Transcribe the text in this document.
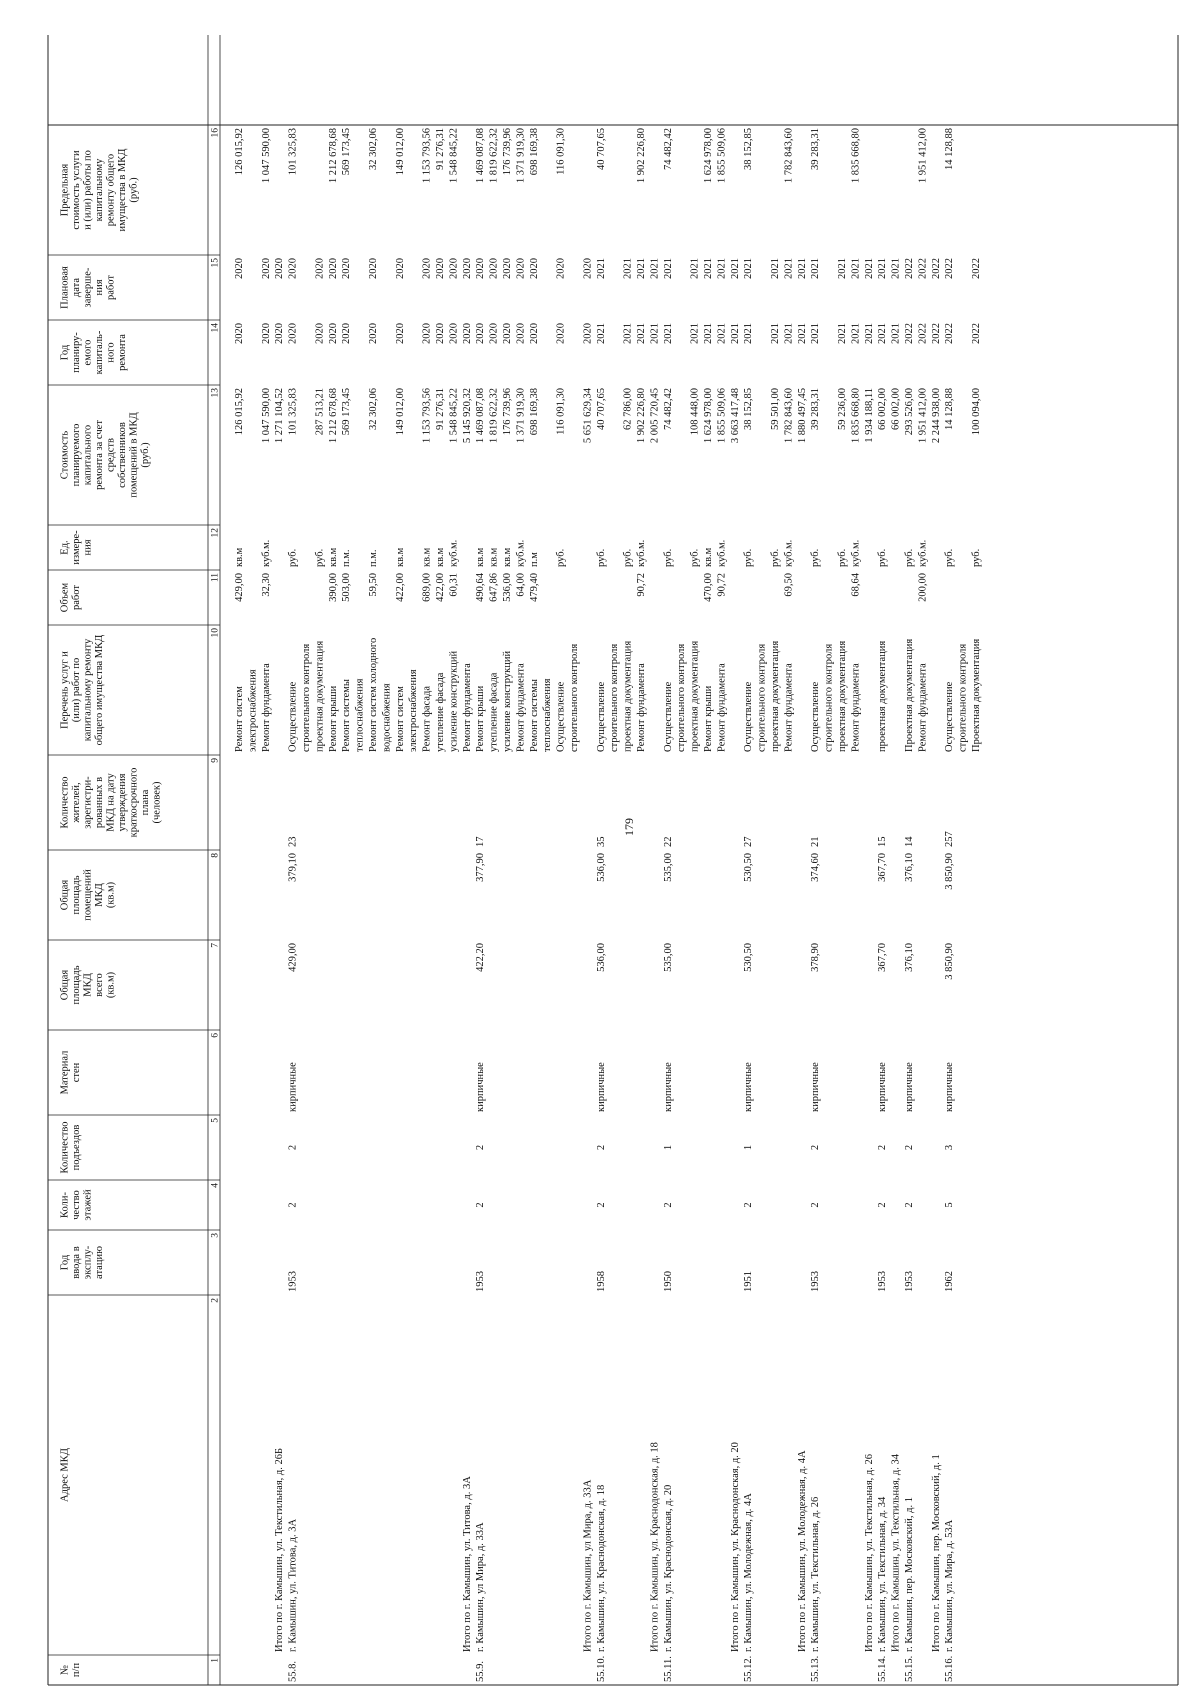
179
№ п/п
Адрес МКД
Год ввода в эксплу- атацию
Коли- чество этажей
Количество подъездов
Материал стен
Общая площадь МКД всего (кв.м)
Общая площадь помещений МКД (кв.м)
Количество жителей, зарегистри- рованных в МКД на дату утверждения краткосрочного плана (человек)
Перечень услуг и (или) работ по капитальному ремонту общего имущества МКД
Объем работ
Ед. измере- ния
Стоимость планируемого капитального ремонта за счет средств собственников помещений в МКД (руб.)
Год планиру- емого капиталь- ного ремонта
Плановая дата заверше- ния работ
Предельная стоимость услуги и (или) работы по капитальному ремонту общего имущества в МКД (руб.)
1
2
3
4
5
6
7
8
9
10
11
12
13
14
15
16
Ремонт систем
429,00
кв.м
126 015,92
2020
2020
126 015,92
электроснабжения Ремонт фундамента
32,30
куб.м.
1 047 590,00
2020
2020
1 047 590,00
Итого по г. Камышин, ул. Текстильная, д. 26Б
1 271 104,52
2020
2020
55.8.
г. Камышин, ул. Титова, д. 3А
1953
2
2
кирпичные
429,00
379,10
23
Осуществление
руб.
101 325,83
2020
2020
101 325,83
строительного контроля проектная документация
руб.
287 513,21
2020
2020
Ремонт крыши
390,00
кв.м
1 212 678,68
2020
2020
1 212 678,68
Ремонт системы
503,00
п.м.
569 173,45
2020
2020
569 173,45
теплоснабжения Ремонт систем холодного
59,50
п.м.
32 302,06
2020
2020
32 302,06
водоснабжения Ремонт систем
422,00
кв.м
149 012,00
2020
2020
149 012,00
электроснабжения Ремонт фасада
689,00
кв.м
1 153 793,56
2020
2020
1 153 793,56
утепление фасада
422,00
кв.м
91 276,31
2020
2020
91 276,31
усиление конструкций
60,31
куб.м.
1 548 845,22
2020
2020
1 548 845,22
Итого по г. Камышин, ул. Титова, д. 3А
Ремонт фундамента
5 145 920,32
2020
2020
55.9.
г. Камышин, ул Мира, д. 33А
1953
2
2
кирпичные
422,20
377,90
17
Ремонт крыши
490,64
кв.м
1 469 087,08
2020
2020
1 469 087,08
утепление фасада
647,86
кв.м
1 819 622,32
2020
2020
1 819 622,32
усиление конструкций
536,00
кв.м
176 739,96
2020
2020
176 739,96
Ремонт фундамента
64,00
куб.м.
1 371 919,30
2020
2020
1 371 919,30
Ремонт системы
479,40
п.м
698 169,38
2020
2020
698 169,38
теплоснабжения Осуществление
руб.
116 091,30
2020
2020
116 091,30
строительного контроля
Итого по г. Камышин, ул Мира, д. 33А
5 651 629,34
2020
2020
55.10.
г. Камышин, ул. Краснодонская, д. 18
1958
2
2
кирпичные
536,00
536,00
35
Осуществление
руб.
40 707,65
2021
2021
40 707,65
строительного контроля проектная документация
руб.
62 786,00
2021
2021
Ремонт фундамента
90,72
куб.м.
1 902 226,80
2021
2021
1 902 226,80
Итого по г. Камышин, ул. Краснодонская, д. 18
2 005 720,45
2021
2021
55.11.
г. Камышин, ул. Краснодонская, д. 20
1950
2
1
кирпичные
535,00
535,00
22
Осуществление
руб.
74 482,42
2021
2021
74 482,42
строительного контроля проектная документация
руб.
108 448,00
2021
2021
Ремонт крыши
470,00
кв.м
1 624 978,00
2021
2021
1 624 978,00
Ремонт фундамента
90,72
куб.м.
1 855 509,06
2021
2021
1 855 509,06
Итого по г. Камышин, ул. Краснодонская, д. 20
3 663 417,48
2021
2021
55.12.
г. Камышин, ул. Молодежная, д. 4А
1951
2
1
кирпичные
530,50
530,50
27
Осуществление
руб.
38 152,85
2021
2021
38 152,85
строительного контроля проектная документация
руб.
59 501,00
2021
2021
Ремонт фундамента
69,50
куб.м.
1 782 843,60
2021
2021
1 782 843,60
Итого по г. Камышин, ул. Молодежная, д. 4А
1 880 497,45
2021
2021
55.13.
г. Камышин, ул. Текстильная, д. 26
1953
2
2
кирпичные
378,90
374,60
21
Осуществление
руб.
39 283,31
2021
2021
39 283,31
строительного контроля проектная документация
руб.
59 236,00
2021
2021
Ремонт фундамента
68,64
куб.м.
1 835 668,80
2021
2021
1 835 668,80
Итого по г. Камышин, ул. Текстильная, д. 26
1 934 188,11
2021
2021
55.14.
г. Камышин, ул. Текстильная, д. 34
1953
2
2
кирпичные
367,70
367,70
15
проектная документация
руб.
66 002,00
2021
2021
Итого по г. Камышин, ул. Текстильная, д. 34
66 002,00
2021
2021
55.15.
г. Камышин, пер. Московский, д. 1
1953
2
2
кирпичные
376,10
376,10
14
Проектная документация
руб.
293 526,00
2022
2022
Ремонт фундамента
200,00
куб.м.
1 951 412,00
2022
2022
1 951 412,00
Итого по г. Камышин, пер. Московский, д. 1
2 244 938,00
2022
2022
55.16.
г. Камышин, ул. Мира, д. 53А
1962
5
3
кирпичные
3 850,90
3 850,90
257
Осуществление
руб.
14 128,88
2022
2022
14 128,88
строительного контроля Проектная документация
руб.
100 094,00
2022
2022
